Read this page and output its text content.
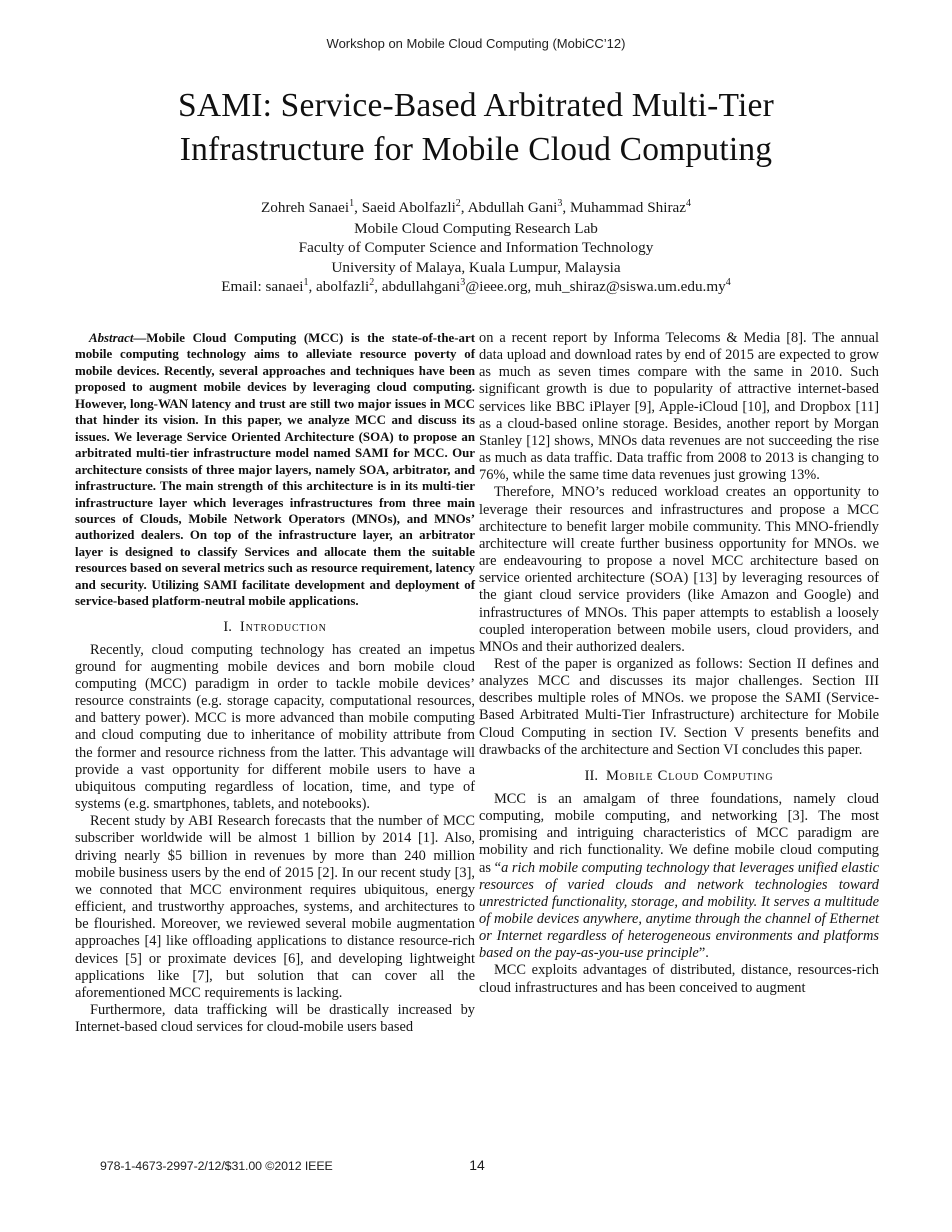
Workshop on Mobile Cloud Computing (MobiCC’12)
SAMI: Service-Based Arbitrated Multi-Tier
Infrastructure for Mobile Cloud Computing
Zohreh Sanaei$^1$, Saeid Abolfazli$^2$, Abdullah Gani$^3$, Muhammad Shiraz$^4$
Mobile Cloud Computing Research Lab
Faculty of Computer Science and Information Technology
University of Malaya, Kuala Lumpur, Malaysia
Email: sanaei$^1$, abolfazli$^2$, abdullahgani$^3$@ieee.org, $muh\_shiraz@siswa.um.edu.my^4$

Abstract—Mobile Cloud Computing (MCC) is the state-of-the-art mobile computing technology aims to alleviate resource poverty of mobile devices. Recently, several approaches and techniques have been proposed to augment mobile devices by leveraging cloud computing. However, long-WAN latency and trust are still two major issues in MCC that hinder its vision. In this paper, we analyze MCC and discuss its issues. We leverage Service Oriented Architecture (SOA) to propose an arbitrated multi-tier infrastructure model named SAMI for MCC. Our architecture consists of three major layers, namely SOA, arbitrator, and infrastructure. The main strength of this architecture is in its multi-tier infrastructure layer which leverages infrastructures from three main sources of Clouds, Mobile Network Operators (MNOs), and MNOs’ authorized dealers. On top of the infrastructure layer, an arbitrator layer is designed to classify Services and allocate them the suitable resources based on several metrics such as resource requirement, latency and security. Utilizing SAMI facilitate development and deployment of service-based platform-neutral mobile applications.

I. Introduction

Recently, cloud computing technology has created an impetus ground for augmenting mobile devices and born mobile cloud computing (MCC) paradigm in order to tackle mobile devices’ resource constraints (e.g. storage capacity, computational resources, and battery power). MCC is more advanced than mobile computing and cloud computing due to inheritance of mobility attribute from the former and resource richness from the latter. This advantage will provide a vast opportunity for different mobile users to have a ubiquitous computing regardless of location, time, and type of systems (e.g. smartphones, tablets, and notebooks).

Recent study by ABI Research forecasts that the number of MCC subscriber worldwide will be almost 1 billion by 2014 [1]. Also, driving nearly $5 billion in revenues by more than 240 million mobile business users by the end of 2015 [2]. In our recent study [3], we connoted that MCC environment requires ubiquitous, energy efficient, and trustworthy approaches, systems, and architectures to be flourished. Moreover, we reviewed several mobile augmentation approaches [4] like offloading applications to distance resource-rich devices [5] or proximate devices [6], and developing lightweight applications like [7], but solution that can cover all the aforementioned MCC requirements is lacking.

Furthermore, data trafficking will be drastically increased by Internet-based cloud services for cloud-mobile users based

on a recent report by Informa Telecoms & Media [8]. The annual data upload and download rates by end of 2015 are expected to grow as much as seven times compare with the same in 2010. Such significant growth is due to popularity of attractive internet-based services like BBC iPlayer [9], Apple-iCloud [10], and Dropbox [11] as a cloud-based online storage. Besides, another report by Morgan Stanley [12] shows, MNOs data revenues are not succeeding the rise as much as data traffic. Data traffic from 2008 to 2013 is changing to 76%, while the same time data revenues just growing 13%.

Therefore, MNO’s reduced workload creates an opportunity to leverage their resources and infrastructures and propose a MCC architecture to benefit larger mobile community. This MNO-friendly architecture will create further business opportunity for MNOs. we are endeavouring to propose a novel MCC architecture based on service oriented architecture (SOA) [13] by leveraging resources of the giant cloud service providers (like Amazon and Google) and infrastructures of MNOs. This paper attempts to establish a loosely coupled interoperation between mobile users, cloud providers, and MNOs and their authorized dealers.

Rest of the paper is organized as follows: Section II defines and analyzes MCC and discusses its major challenges. Section III describes multiple roles of MNOs. we propose the SAMI (Service-Based Arbitrated Multi-Tier Infrastructure) architecture for Mobile Cloud Computing in section IV. Section V presents benefits and drawbacks of the architecture and Section VI concludes this paper.

II. Mobile Cloud Computing

MCC is an amalgam of three foundations, namely cloud computing, mobile computing, and networking [3]. The most promising and intriguing characteristics of MCC paradigm are mobility and rich functionality. We define mobile cloud computing as “a rich mobile computing technology that leverages unified elastic resources of varied clouds and network technologies toward unrestricted functionality, storage, and mobility. It serves a multitude of mobile devices anywhere, anytime through the channel of Ethernet or Internet regardless of heterogeneous environments and platforms based on the pay-as-you-use principle”.

MCC exploits advantages of distributed, distance, resources-rich cloud infrastructures and has been conceived to augment

978-1-4673-2997-2/12/$31.00 ©2012 IEEE	14
